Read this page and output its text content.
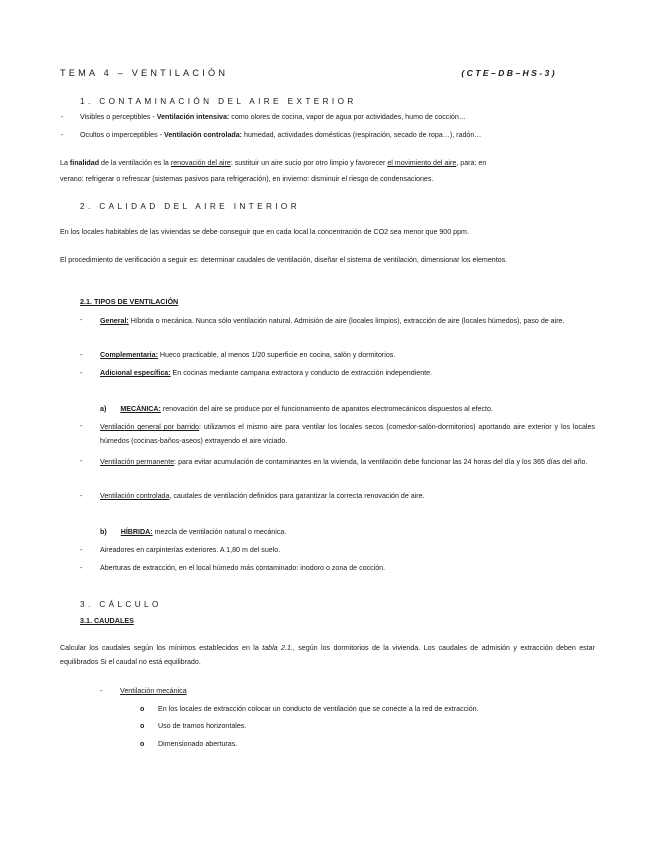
TEMA 4 – VENTILACIÓN	(CTE–DB–HS-3)
1. CONTAMINACIÓN DEL AIRE EXTERIOR
- Visibles o perceptibles - Ventilación intensiva: como olores de cocina, vapor de agua por actividades, humo de cocción…
- Ocultos o imperceptibles - Ventilación controlada: humedad, actividades domésticas (respiración, secado de ropa…), radón…
La finalidad de la ventilación es la renovación del aire: sustituir un aire sucio por otro limpio y favorecer el movimiento del aire, para: en
verano: refrigerar o refrescar (sistemas pasivos para refrigeración), en invierno: disminuir el riesgo de condensaciones.
2. CALIDAD DEL AIRE INTERIOR
En los locales habitables de las viviendas se debe conseguir que en cada local la concentración de CO2 sea menor que 900 ppm.
El procedimiento de verificación a seguir es: determinar caudales de ventilación, diseñar el sistema de ventilación, dimensionar los elementos.
2.1. TIPOS DE VENTILACIÓN
- General: Híbrida o mecánica. Nunca sólo ventilación natural. Admisión de aire (locales limpios), extracción de aire (locales húmedos), paso de aire.
- Complementaria: Hueco practicable, al menos 1/20 superficie en cocina, salón y dormitorios.
- Adicional específica: En cocinas mediante campana extractora y conducto de extracción independiente.
a) MECÁNICA: renovación del aire se produce por el funcionamiento de aparatos electromecánicos dispuestos al efecto.
- Ventilación general por barrido: utilizamos el mismo aire para ventilar los locales secos (comedor-salón-dormitorios) aportando aire exterior y los locales húmedos (cocinas-baños-aseos) extrayendo el aire viciado.
- Ventilación permanente: para evitar acumulación de contaminantes en la vivienda, la ventilación debe funcionar las 24 horas del día y los 365 días del año.
- Ventilación controlada, caudales de ventilación definidos para garantizar la correcta renovación de aire.
b) HÍBRIDA: mezcla de ventilación natural o mecánica.
- Aireadores en carpinterías exteriores. A 1,80 m del suelo.
- Aberturas de extracción, en el local húmedo más contaminado: inodoro o zona de cocción.
3. CÁLCULO
3.1. CAUDALES
Calcular los caudales según los mínimos establecidos en la tabla 2.1., según los dormitorios de la vivienda. Los caudales de admisión y extracción deben estar equilibrados Si el caudal no está equilibrado.
- Ventilación mecánica
o En los locales de extracción colocar un conducto de ventilación que se conecte a la red de extracción.
o Uso de tramos horizontales.
o Dimensionado aberturas.
